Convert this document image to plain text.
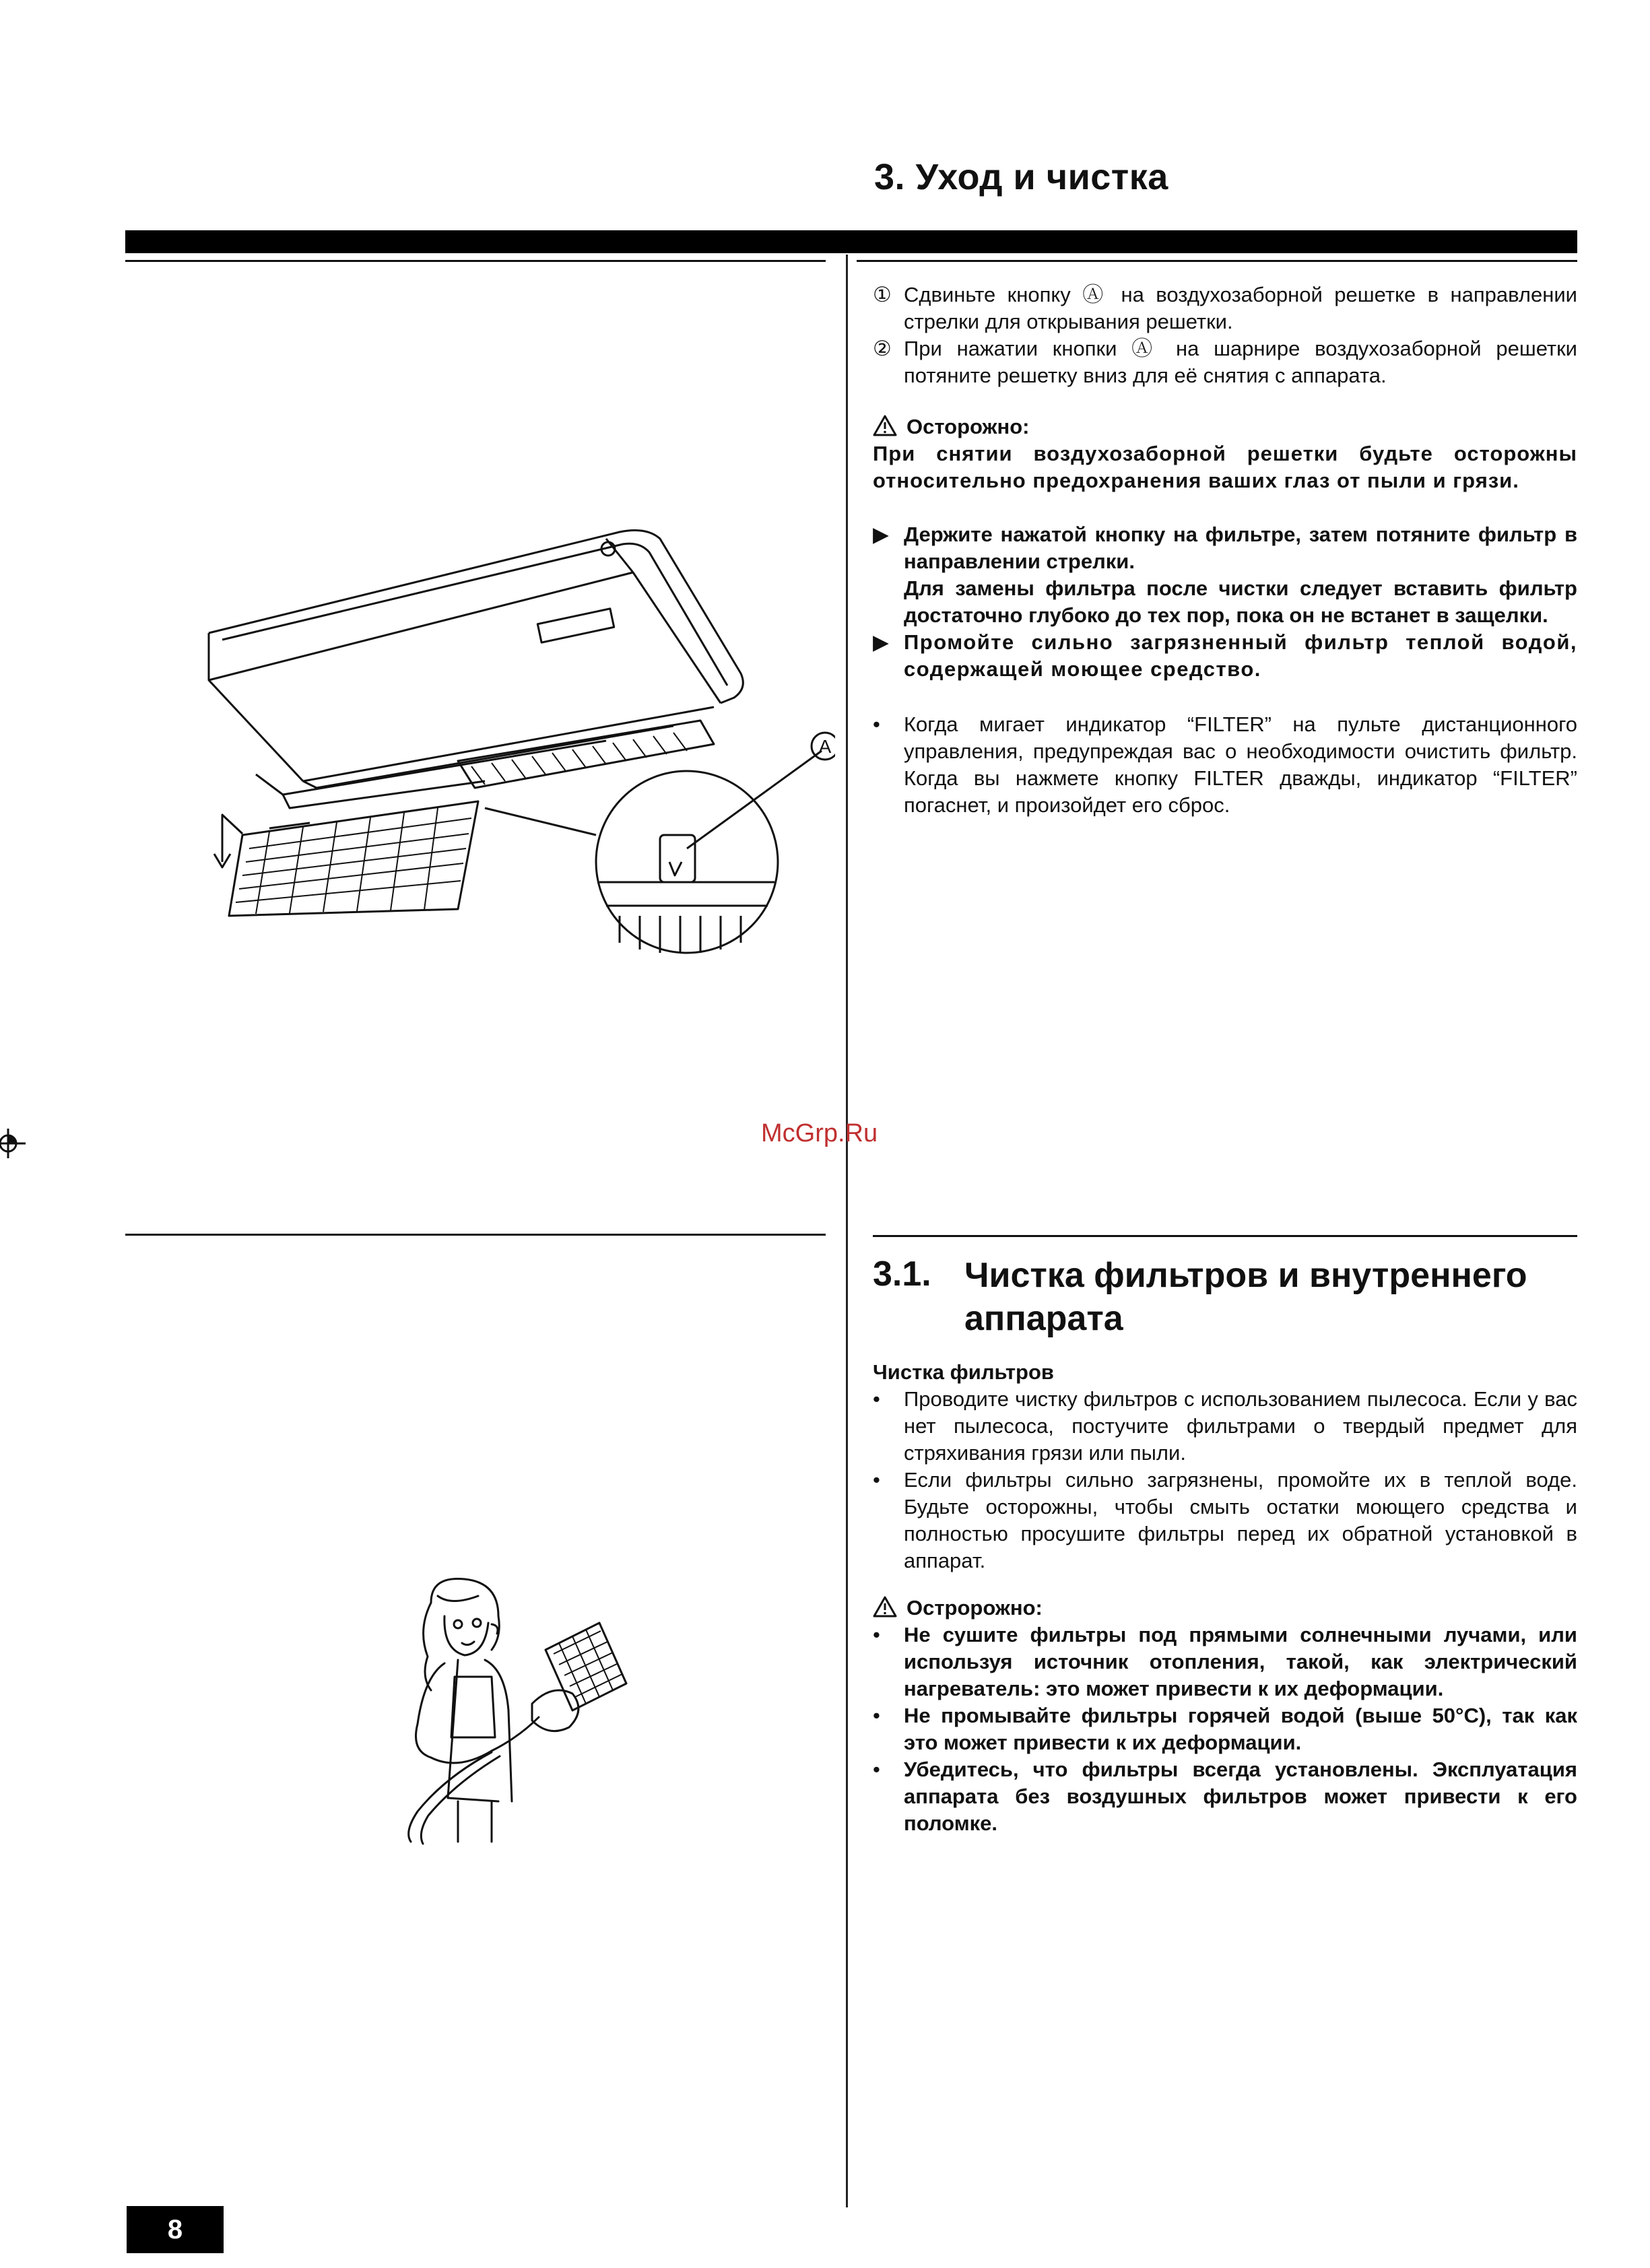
3. Уход и чистка
① Сдвиньте кнопку Ⓐ на воздухозаборной решетке в направлении стрелки для открывания решетки.
② При нажатии кнопки Ⓐ на шарнире воздухозаборной решетки потяните решетку вниз для её снятия с аппарата.
Осторожно:
При снятии воздухозаборной решетки будьте осторожны относительно предохранения ваших глаз от пыли и грязи.
▶ Держите нажатой кнопку на фильтре, затем потяните фильтр в направлении стрелки.
Для замены фильтра после чистки следует вставить фильтр достаточно глубоко до тех пор, пока он не встанет в защелки.
▶ Промойте сильно загрязненный фильтр теплой водой, содержащей моющее средство.
•	Когда мигает индикатор “FILTER” на пульте дистанционного управления, предупреждая вас о необходимости очистить фильтр. Когда вы нажмете кнопку FILTER дважды, индикатор “FILTER” погаснет, и произойдет его сброс.
A
McGrp.Ru
3.1. Чистка фильтров и внутреннего аппарата
Чистка фильтров
•	Проводите чистку фильтров с использованием пылесоса. Если у вас нет пылесоса, постучите фильтрами о твердый предмет для стряхивания грязи или пыли.
•	Если фильтры сильно загрязнены, промойте их в теплой воде. Будьте осторожны, чтобы смыть остатки моющего средства и полностью просушите фильтры перед их обратной установкой в аппарат.
Остророжно:
•	Не сушите фильтры под прямыми солнечными лучами, или используя источник отопления, такой, как электрический нагреватель: это может привести к их деформации.
•	Не промывайте фильтры горячей водой (выше 50°C), так как это может привести к их деформации.
•	Убедитесь, что фильтры всегда установлены. Эксплуатация аппарата без воздушных фильтров может привести к его поломке.
8
